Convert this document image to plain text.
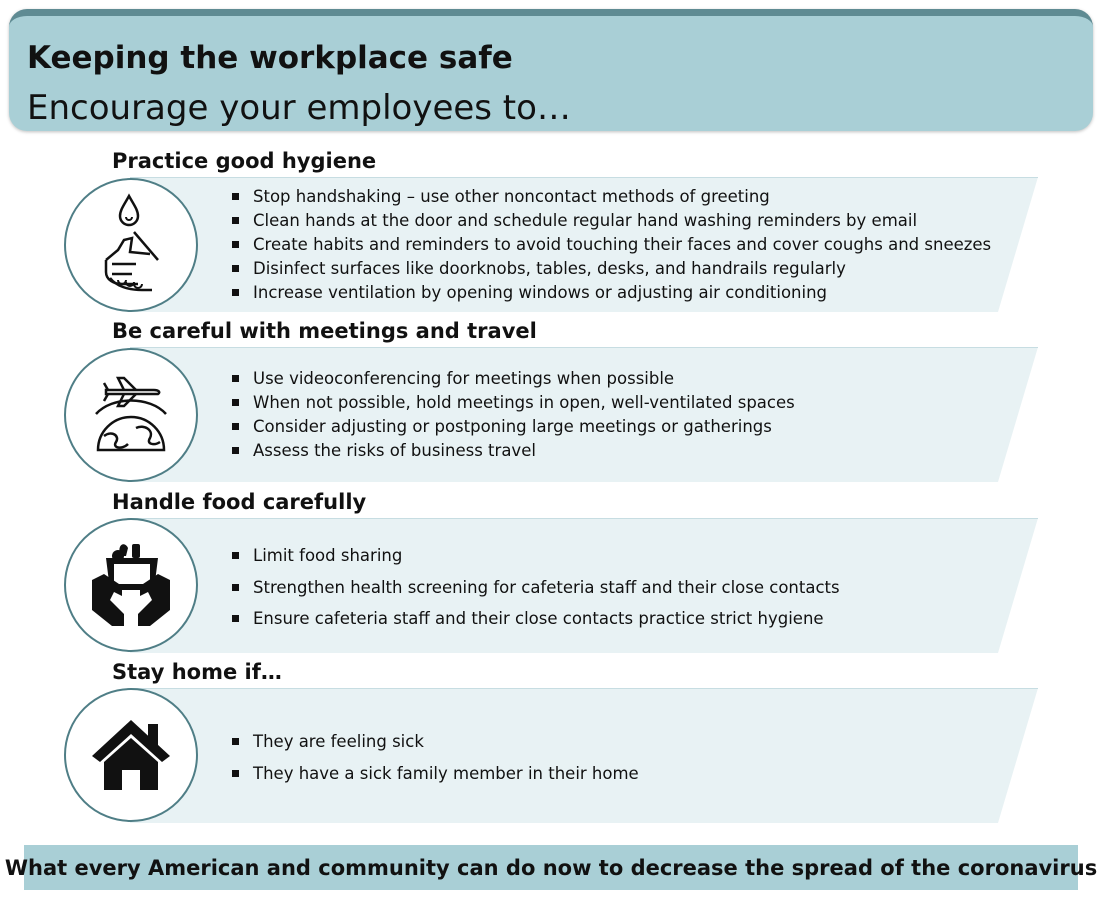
Keeping the workplace safe
Encourage your employees to…
Practice good hygiene
Stop handshaking – use other noncontact methods of greeting
Clean hands at the door and schedule regular hand washing reminders by email
Create habits and reminders to avoid touching their faces and cover coughs and sneezes
Disinfect surfaces like doorknobs, tables, desks, and handrails regularly
Increase ventilation by opening windows or adjusting air conditioning
Be careful with meetings and travel
Use videoconferencing for meetings when possible
When not possible, hold meetings in open, well-ventilated spaces
Consider adjusting or postponing large meetings or gatherings
Assess the risks of business travel
Handle food carefully
Limit food sharing
Strengthen health screening for cafeteria staff and their close contacts
Ensure cafeteria staff and their close contacts practice strict hygiene
Stay home if…
They are feeling sick
They have a sick family member in their home
What every American and community can do now to decrease the spread of the coronavirus
